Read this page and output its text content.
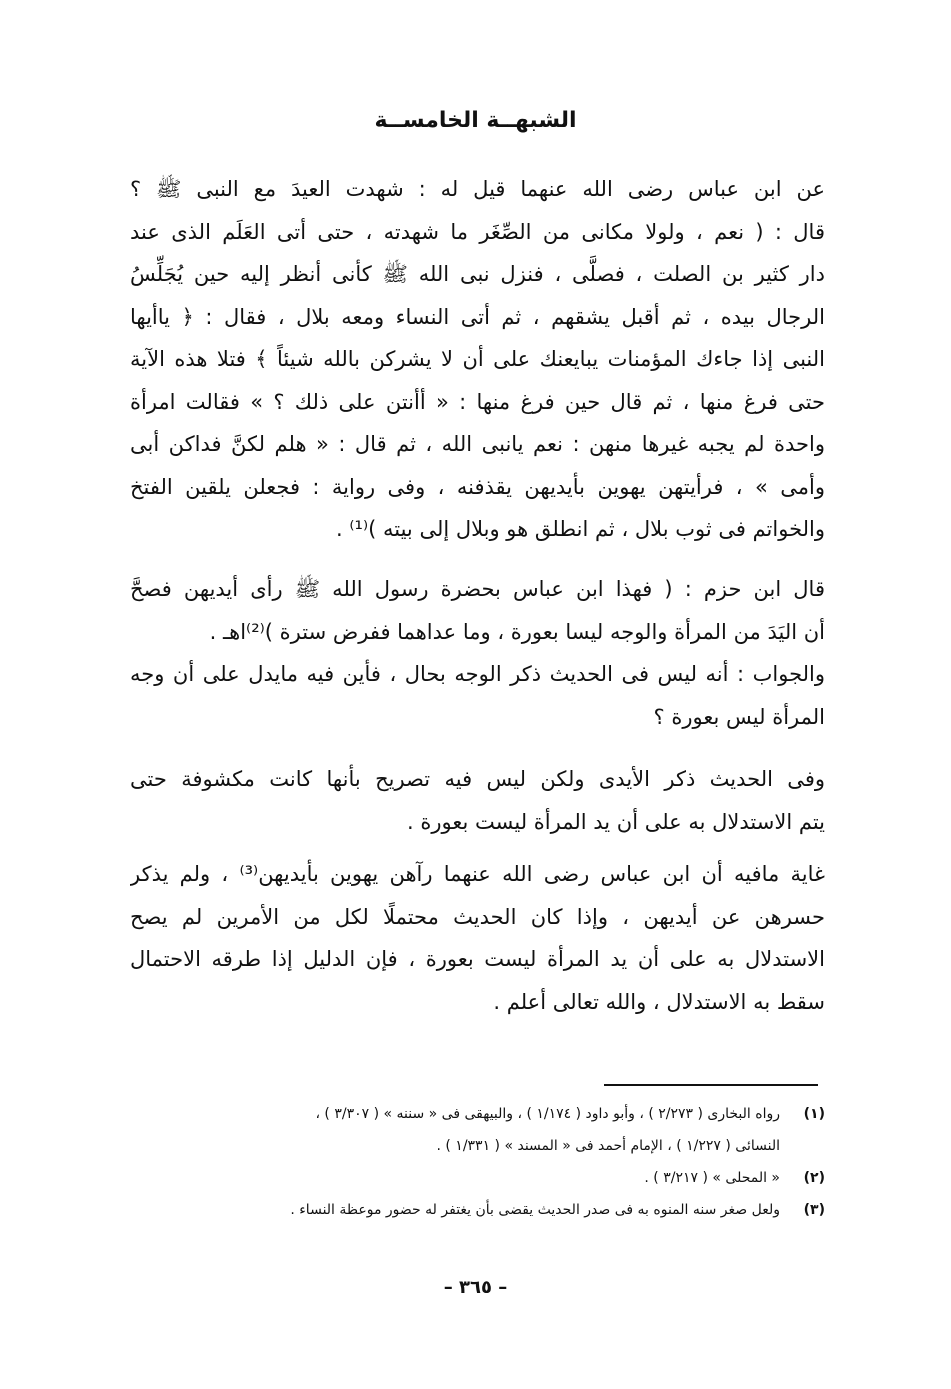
الشبهــة الخامســة
عن ابن عباس رضى الله عنهما قيل له : شهدت العيدَ مع النبى ﷺ ؟
قال : ( نعم ، ولولا مكانى من الصِّغَر ما شهدته ، حتى أتى العَلَم الذى عند
دار كثير بن الصلت ، فصلَّى ، فنزل نبى الله ﷺ كأنى أنظر إليه حين يُجَلِّسُ
الرجال بيده ، ثم أقبل يشقهم ، ثم أتى النساء ومعه بلال ، فقال : ﴿ ياأيها
النبى إذا جاءك المؤمنات يبايعنك على أن لا يشركن بالله شيئاً ﴾ فتلا هذه الآية
حتى فرغ منها ، ثم قال حين فرغ منها : « أأنتن على ذلك ؟ » فقالت امرأة
واحدة لم يجبه غيرها منهن : نعم يانبى الله ، ثم قال : « هلم لكنَّ فداكن أبى
وأمى » ، فرأيتهن يهوين بأيديهن يقذفنه ، وفى رواية : فجعلن يلقين الفتخ
والخواتم فى ثوب بلال ، ثم انطلق هو وبلال إلى بيته )⁽¹⁾ .
قال ابن حزم : ( فهذا ابن عباس بحضرة رسول الله ﷺ رأى أيديهن فصحَّ
أن اليَدَ من المرأة والوجه ليسا بعورة ، وما عداهما ففرض سترة )⁽²⁾اهـ .
والجواب : أنه ليس فى الحديث ذكر الوجه بحال ، فأين فيه مايدل على أن وجه
المرأة ليس بعورة ؟
وفى الحديث ذكر الأيدى ولكن ليس فيه تصريح بأنها كانت مكشوفة حتى
يتم الاستدلال به على أن يد المرأة ليست بعورة .
غاية مافيه أن ابن عباس رضى الله عنهما رآهن يهوين بأيديهن⁽³⁾ ، ولم يذكر
حسرهن عن أيديهن ، وإذا كان الحديث محتملًا لكل من الأمرين لم يصح
الاستدلال به على أن يد المرأة ليست بعورة ، فإن الدليل إذا طرقه الاحتمال
سقط به الاستدلال ، والله تعالى أعلم .
(١)
رواه البخارى ( ٢/٢٧٣ ) ، وأبو داود ( ١/١٧٤ ) ، والبيهقى فى « سننه » ( ٣/٣٠٧ ) ،
النسائى ( ١/٢٢٧ ) ، الإمام أحمد فى « المسند » ( ١/٣٣١ ) .
(٢)
« المحلى » ( ٣/٢١٧ ) .
(٣)
ولعل صغر سنه المنوه به فى صدر الحديث يقضى بأن يغتفر له حضور موعظة النساء .
– ٣٦٥ –
